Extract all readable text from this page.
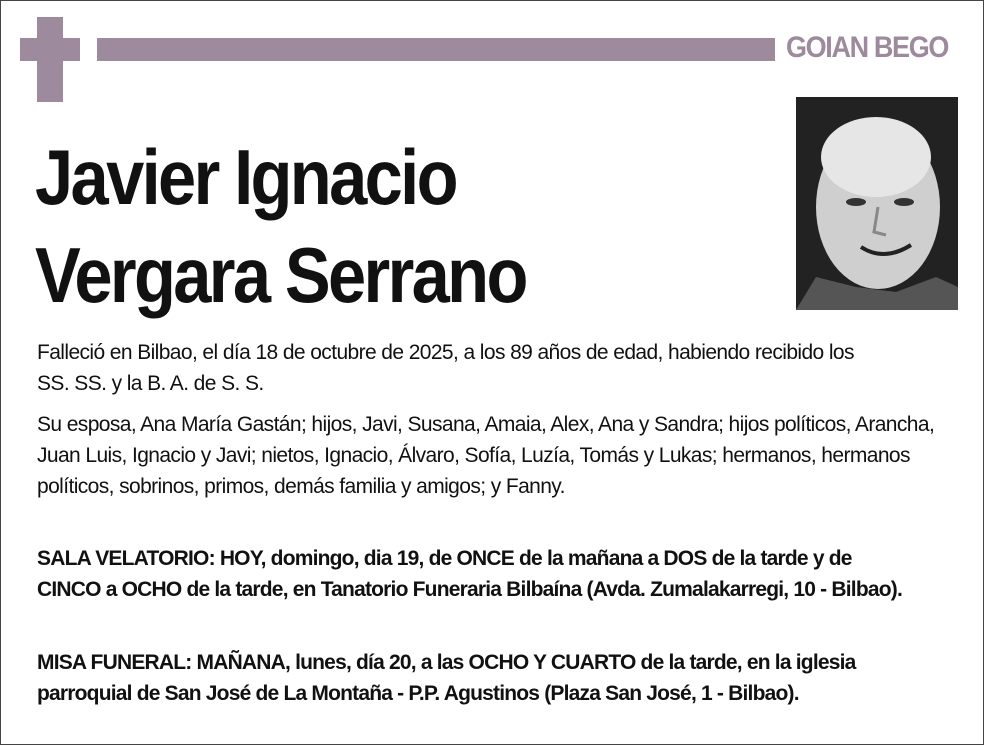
GOIAN BEGO
Javier Ignacio
Vergara Serrano

Falleció en Bilbao, el día 18 de octubre de 2025, a los 89 años de edad, habiendo recibido los SS. SS. y la B. A. de S. S.

Su esposa, Ana María Gastán; hijos, Javi, Susana, Amaia, Alex, Ana y Sandra; hijos políticos, Arancha, Juan Luis, Ignacio y Javi; nietos, Ignacio, Álvaro, Sofía, Luzía, Tomás y Lukas; hermanos, hermanos políticos, sobrinos, primos, demás familia y amigos; y Fanny.

SALA VELATORIO: HOY, domingo, dia 19, de ONCE de la mañana a DOS de la tarde y de CINCO a OCHO de la tarde, en Tanatorio Funeraria Bilbaína (Avda. Zumalakarregi, 10 - Bilbao).

MISA FUNERAL: MAÑANA, lunes, día 20, a las OCHO Y CUARTO de la tarde, en la iglesia parroquial de San José de La Montaña - P.P. Agustinos (Plaza San José, 1 - Bilbao).
